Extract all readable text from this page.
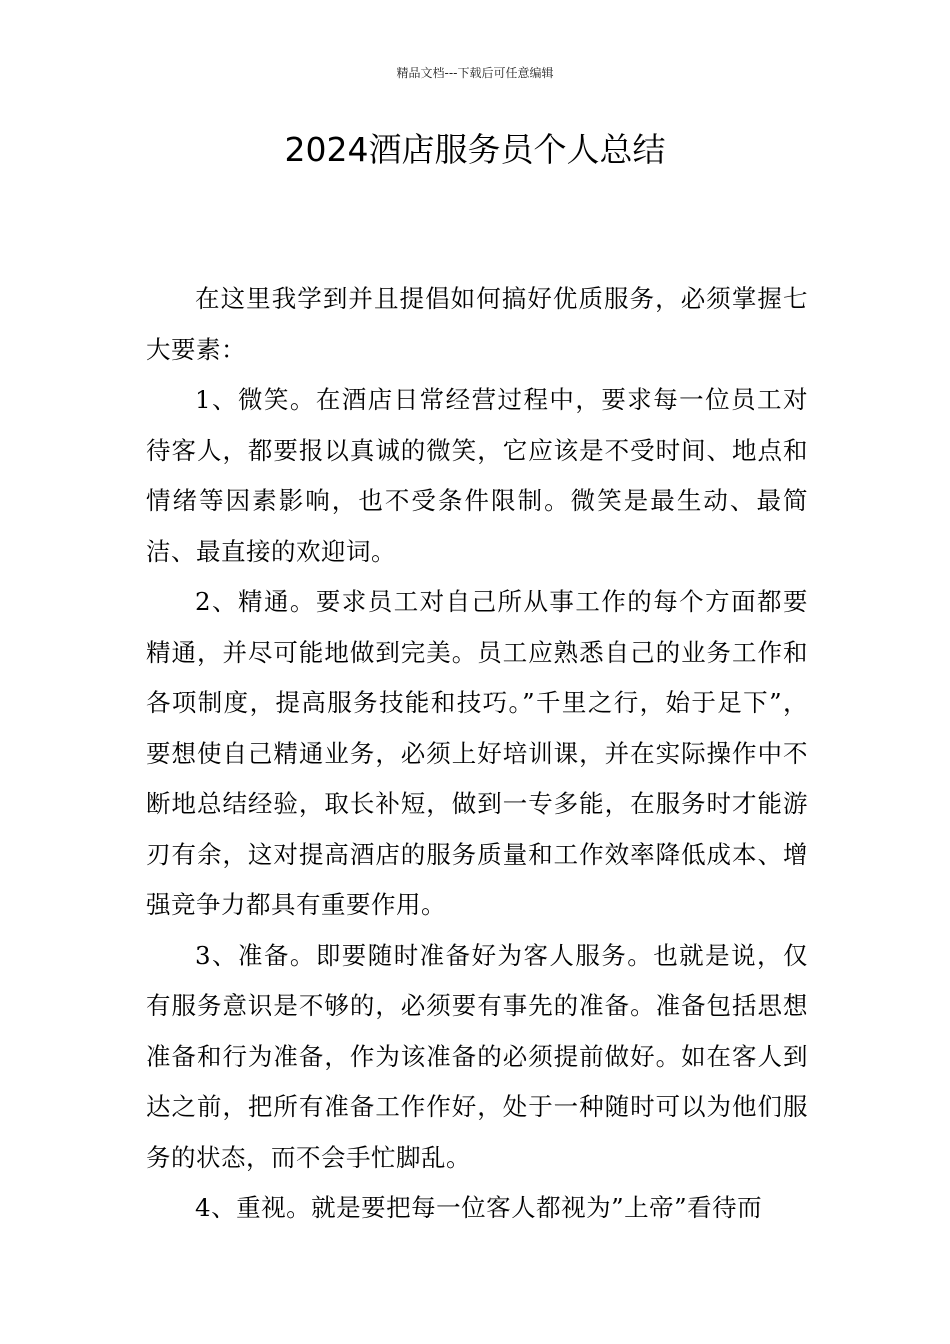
精品文档---下载后可任意编辑
2024酒店服务员个人总结

在这里我学到并且提倡如何搞好优质服务，必须掌握七大要素：

1、微笑。在酒店日常经营过程中，要求每一位员工对待客人，都要报以真诚的微笑，它应该是不受时间、地点和情绪等因素影响，也不受条件限制。微笑是最生动、最简洁、最直接的欢迎词。

2、精通。要求员工对自己所从事工作的每个方面都要精通，并尽可能地做到完美。员工应熟悉自己的业务工作和各项制度，提高服务技能和技巧。”千里之行，始于足下”，要想使自己精通业务，必须上好培训课，并在实际操作中不断地总结经验，取长补短，做到一专多能，在服务时才能游刃有余，这对提高酒店的服务质量和工作效率降低成本、增强竞争力都具有重要作用。

3、准备。即要随时准备好为客人服务。也就是说，仅有服务意识是不够的，必须要有事先的准备。准备包括思想准备和行为准备，作为该准备的必须提前做好。如在客人到达之前，把所有准备工作作好，处于一种随时可以为他们服务的状态，而不会手忙脚乱。

4、重视。就是要把每一位客人都视为”上帝”看待而
